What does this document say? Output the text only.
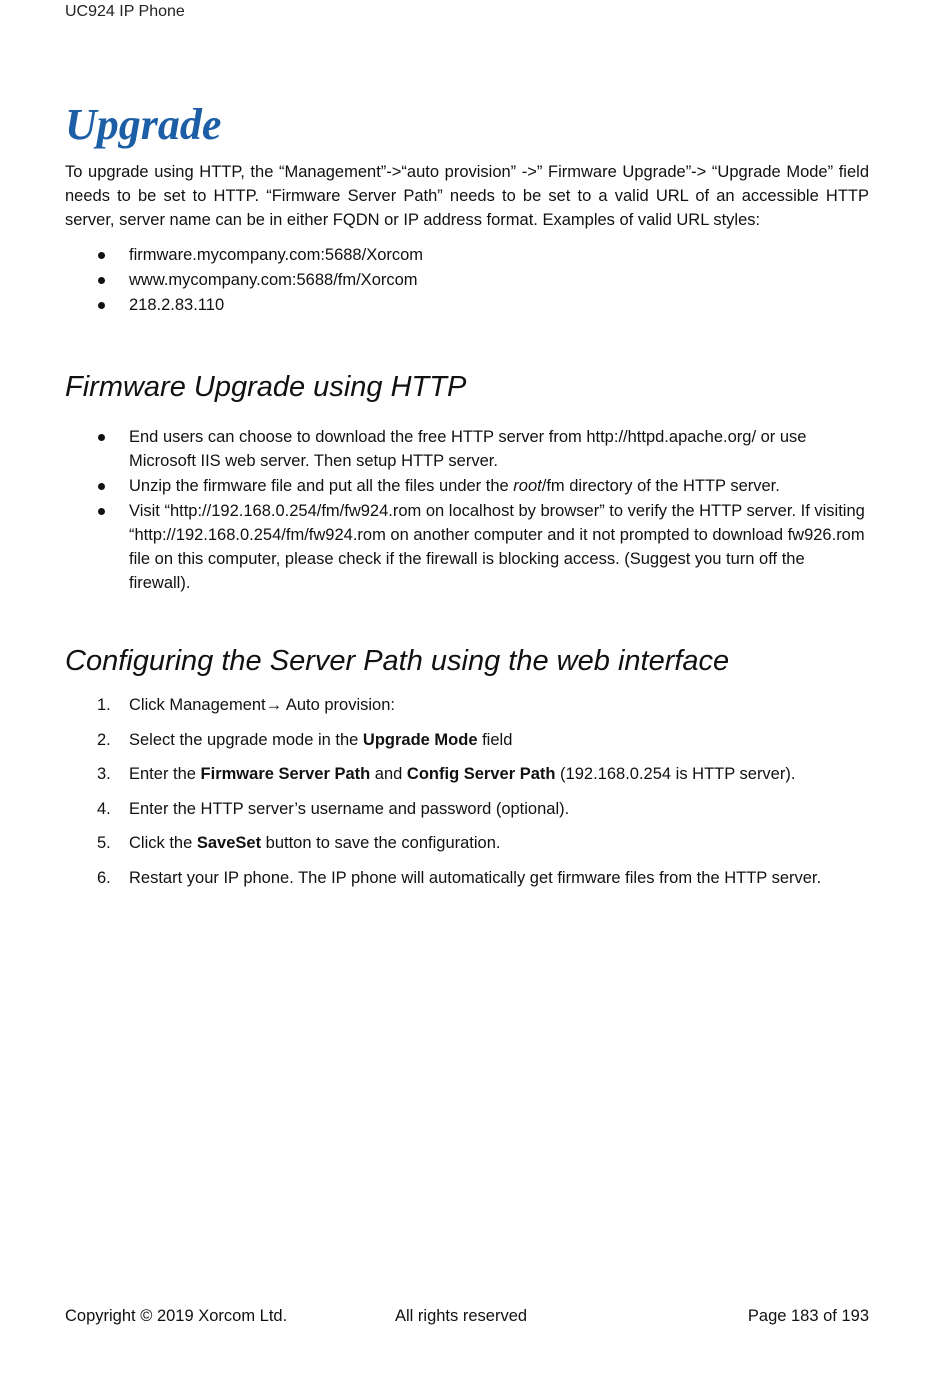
UC924 IP Phone
Upgrade

To upgrade using HTTP, the “Management”->“auto provision” ->” Firmware Upgrade”-> “Upgrade Mode” field needs to be set to HTTP. “Firmware Server Path” needs to be set to a valid URL of an accessible HTTP server, server name can be in either FQDN or IP address format. Examples of valid URL styles:

firmware.mycompany.com:5688/Xorcom
www.mycompany.com:5688/fm/Xorcom
218.2.83.110
Firmware Upgrade using HTTP
End users can choose to download the free HTTP server from http://httpd.apache.org/ or use Microsoft IIS web server. Then setup HTTP server.
Unzip the firmware file and put all the files under the root/fm directory of the HTTP server.
Visit “http://192.168.0.254/fm/fw924.rom on localhost by browser” to verify the HTTP server. If visiting “http://192.168.0.254/fm/fw924.rom on another computer and it not prompted to download fw926.rom file on this computer, please check if the firewall is blocking access. (Suggest you turn off the firewall).
Configuring the Server Path using the web interface
1. Click Management→ Auto provision:
2. Select the upgrade mode in the Upgrade Mode field
3. Enter the Firmware Server Path and Config Server Path (192.168.0.254 is HTTP server).
4. Enter the HTTP server’s username and password (optional).
5. Click the SaveSet button to save the configuration.
6. Restart your IP phone. The IP phone will automatically get firmware files from the HTTP server.
Copyright © 2019 Xorcom Ltd.	All rights reserved	Page 183 of 193
